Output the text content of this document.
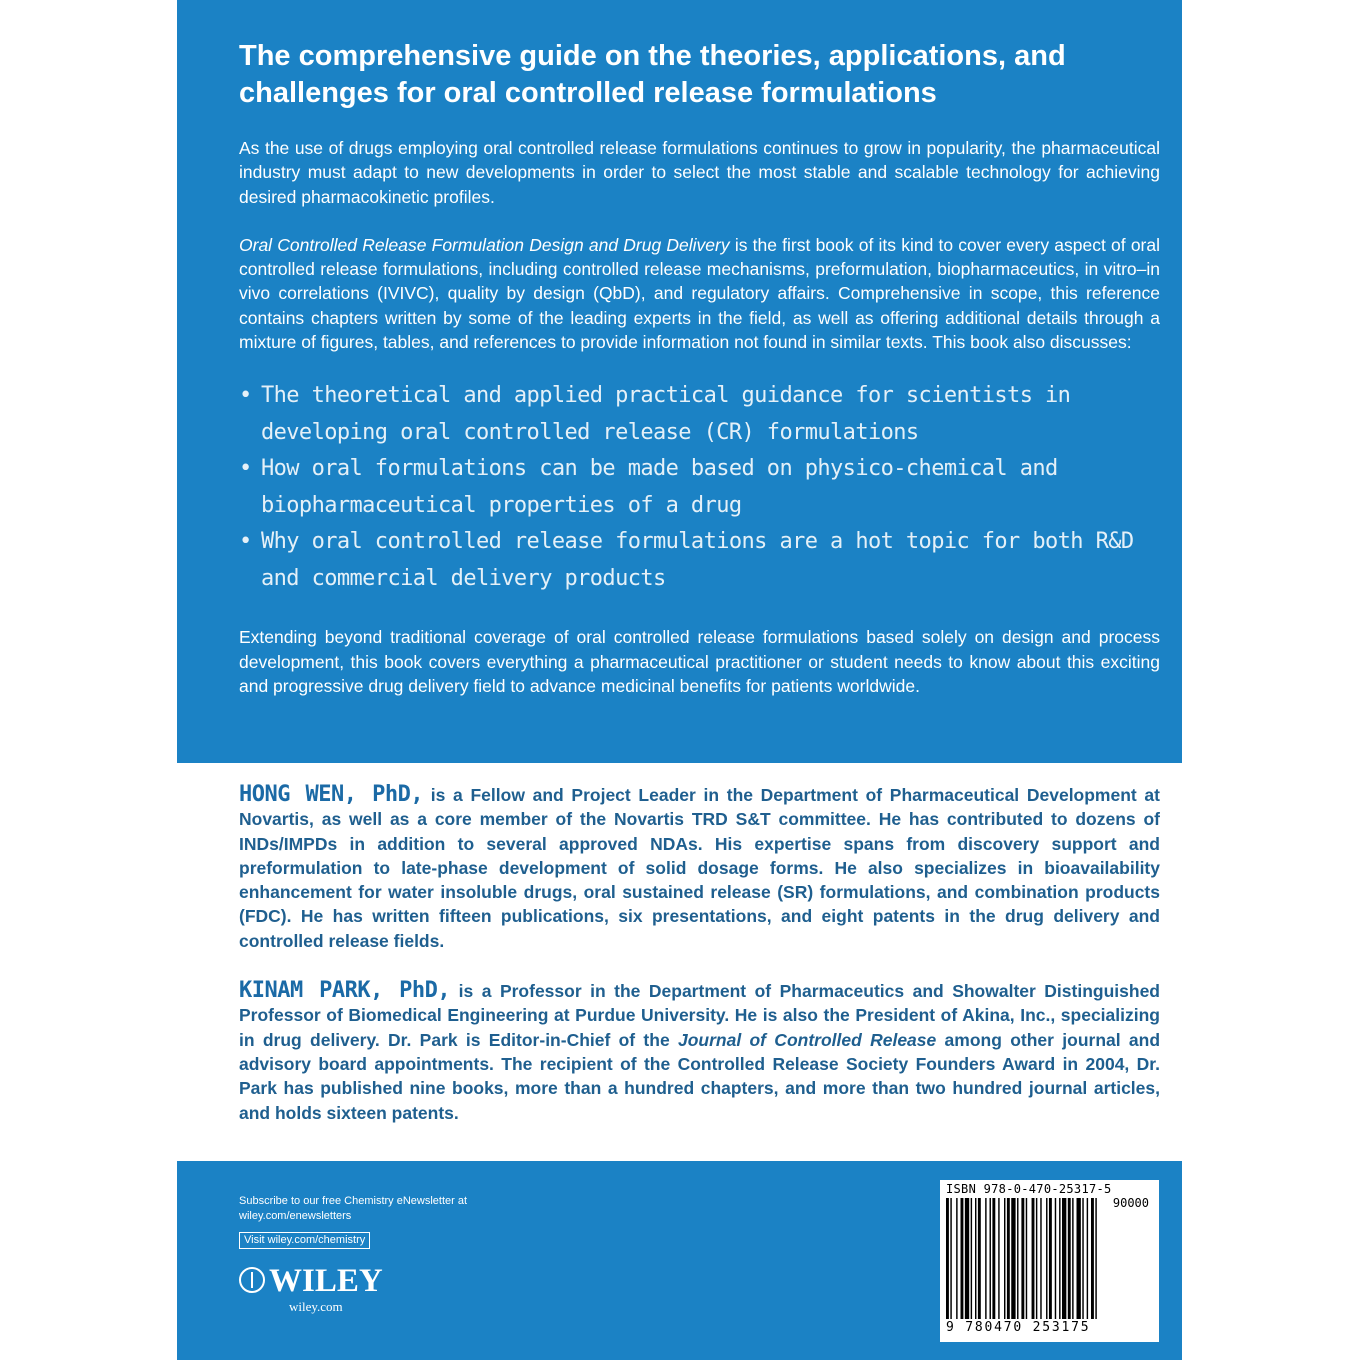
The comprehensive guide on the theories, applications, and challenges for oral controlled release formulations

As the use of drugs employing oral controlled release formulations continues to grow in popularity, the pharmaceutical industry must adapt to new developments in order to select the most stable and scalable technology for achieving desired pharmacokinetic profiles.

Oral Controlled Release Formulation Design and Drug Delivery is the first book of its kind to cover every aspect of oral controlled release formulations, including controlled release mechanisms, preformulation, biopharmaceutics, in vitro–in vivo correlations (IVIVC), quality by design (QbD), and regulatory affairs. Comprehensive in scope, this reference contains chapters written by some of the leading experts in the field, as well as offering additional details through a mixture of figures, tables, and references to provide information not found in similar texts. This book also discusses:

• The theoretical and applied practical guidance for scientists in developing oral controlled release (CR) formulations
• How oral formulations can be made based on physico-chemical and biopharmaceutical properties of a drug
• Why oral controlled release formulations are a hot topic for both R&D and commercial delivery products

Extending beyond traditional coverage of oral controlled release formulations based solely on design and process development, this book covers everything a pharmaceutical practitioner or student needs to know about this exciting and progressive drug delivery field to advance medicinal benefits for patients worldwide.

HONG WEN, PhD, is a Fellow and Project Leader in the Department of Pharmaceutical Development at Novartis, as well as a core member of the Novartis TRD S&T committee. He has contributed to dozens of INDs/IMPDs in addition to several approved NDAs. His expertise spans from discovery support and preformulation to late-phase development of solid dosage forms. He also specializes in bioavailability enhancement for water insoluble drugs, oral sustained release (SR) formulations, and combination products (FDC). He has written fifteen publications, six presentations, and eight patents in the drug delivery and controlled release fields.

KINAM PARK, PhD, is a Professor in the Department of Pharmaceutics and Showalter Distinguished Professor of Biomedical Engineering at Purdue University. He is also the President of Akina, Inc., specializing in drug delivery. Dr. Park is Editor-in-Chief of the Journal of Controlled Release among other journal and advisory board appointments. The recipient of the Controlled Release Society Founders Award in 2004, Dr. Park has published nine books, more than a hundred chapters, and more than two hundred journal articles, and holds sixteen patents.

Subscribe to our free Chemistry eNewsletter at wiley.com/enewsletters
Visit wiley.com/chemistry
WILEY
wiley.com
ISBN 978-0-470-25317-5
90000
9 780470 253175
